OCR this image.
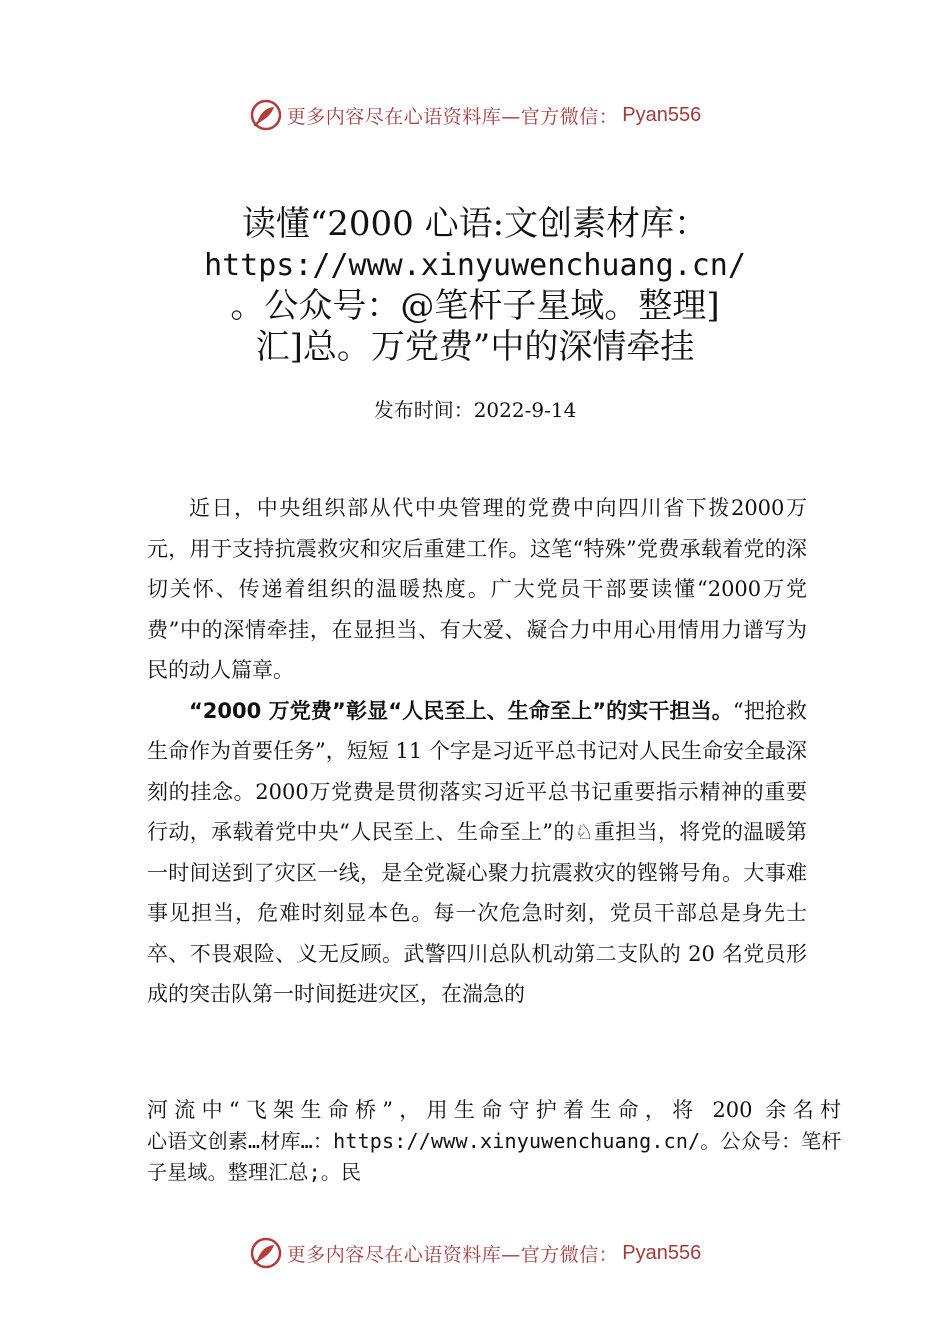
更多内容尽在心语资料库—官方微信： Pyan556
读懂“2000 心语:文创素材库：
https://www.xinyuwenchuang.cn/
。公众号：@笔杆子星域。整理]
汇]总。万党费”中的深情牵挂
发布时间：2022-9-14

近日，中央组织部从代中央管理的党费中向四川省下拨2000万元，用于支持抗震救灾和灾后重建工作。这笔“特殊”党费承载着党的深切关怀、传递着组织的温暖热度。广大党员干部要读懂“2000万党费”中的深情牵挂，在显担当、有大爱、凝合力中用心用情用力谱写为民的动人篇章。

“2000 万党费”彰显“人民至上、生命至上”的实干担当。“把抢救生命作为首要任务”，短短 11 个字是习近平总书记对人民生命安全最深刻的挂念。2000万党费是贯彻落实习近平总书记重要指示精神的重要行动，承载着党中央“人民至上、生命至上”的♘重担当，将党的温暖第一时间送到了灾区一线，是全党凝心聚力抗震救灾的铿锵号角。大事难事见担当，危难时刻显本色。每一次危急时刻，党员干部总是身先士卒、不畏艰险、义无反顾。武警四川总队机动第二支队的 20 名党员形成的突击队第一时间挺进灾区，在湍急的

河流中“飞架生命桥”，用生命守护着生命，将 200 余名村

心语文创素…材库…：https://www.xinyuwenchuang.cn/。公众号：笔杆子星域。整理汇总;。民

更多内容尽在心语资料库—官方微信： Pyan556
